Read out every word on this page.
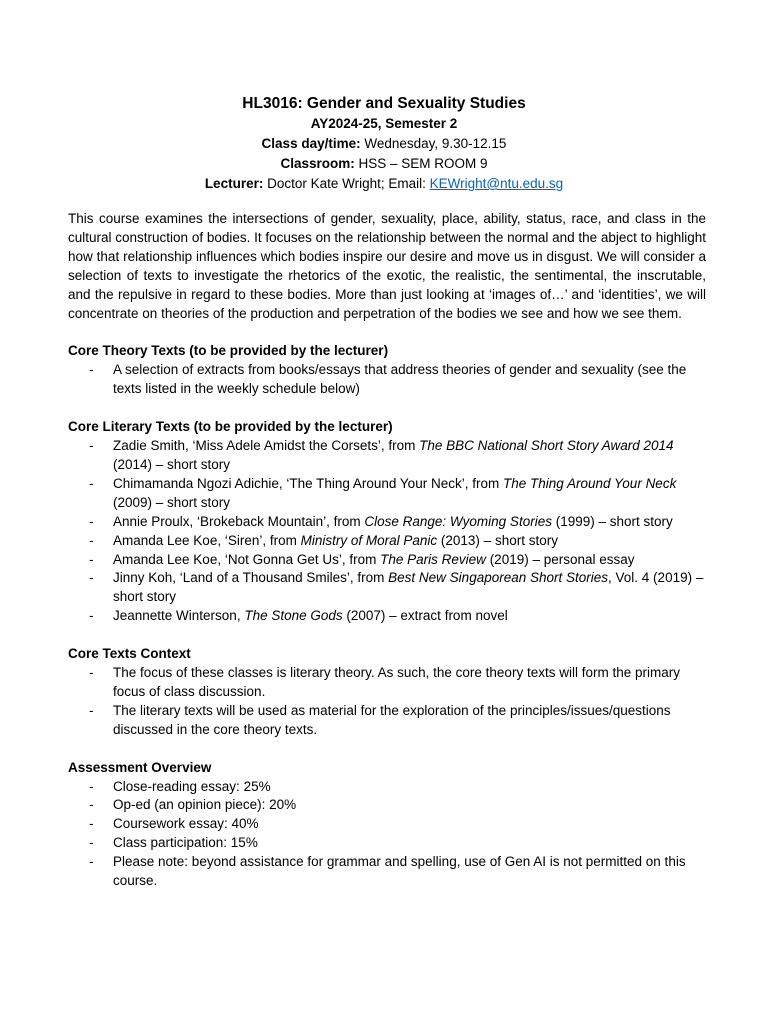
HL3016: Gender and Sexuality Studies
AY2024-25, Semester 2
Class day/time: Wednesday, 9.30-12.15
Classroom: HSS – SEM ROOM 9
Lecturer: Doctor Kate Wright; Email: KEWright@ntu.edu.sg

This course examines the intersections of gender, sexuality, place, ability, status, race, and class in the cultural construction of bodies. It focuses on the relationship between the normal and the abject to highlight how that relationship influences which bodies inspire our desire and move us in disgust. We will consider a selection of texts to investigate the rhetorics of the exotic, the realistic, the sentimental, the inscrutable, and the repulsive in regard to these bodies. More than just looking at ‘images of…’ and ‘identities’, we will concentrate on theories of the production and perpetration of the bodies we see and how we see them.

Core Theory Texts (to be provided by the lecturer)
- A selection of extracts from books/essays that address theories of gender and sexuality (see the texts listed in the weekly schedule below)
Core Literary Texts (to be provided by the lecturer)
- Zadie Smith, ‘Miss Adele Amidst the Corsets’, from The BBC National Short Story Award 2014 (2014) – short story
- Chimamanda Ngozi Adichie, ‘The Thing Around Your Neck’, from The Thing Around Your Neck (2009) – short story
- Annie Proulx, ‘Brokeback Mountain’, from Close Range: Wyoming Stories (1999) – short story
- Amanda Lee Koe, ‘Siren’, from Ministry of Moral Panic (2013) – short story
- Amanda Lee Koe, ‘Not Gonna Get Us’, from The Paris Review (2019) – personal essay
- Jinny Koh, ‘Land of a Thousand Smiles’, from Best New Singaporean Short Stories, Vol. 4 (2019) – short story
- Jeannette Winterson, The Stone Gods (2007) – extract from novel
Core Texts Context
- The focus of these classes is literary theory. As such, the core theory texts will form the primary focus of class discussion.
- The literary texts will be used as material for the exploration of the principles/issues/questions discussed in the core theory texts.
Assessment Overview
- Close-reading essay: 25%
- Op-ed (an opinion piece): 20%
- Coursework essay: 40%
- Class participation: 15%
- Please note: beyond assistance for grammar and spelling, use of Gen AI is not permitted on this course.
